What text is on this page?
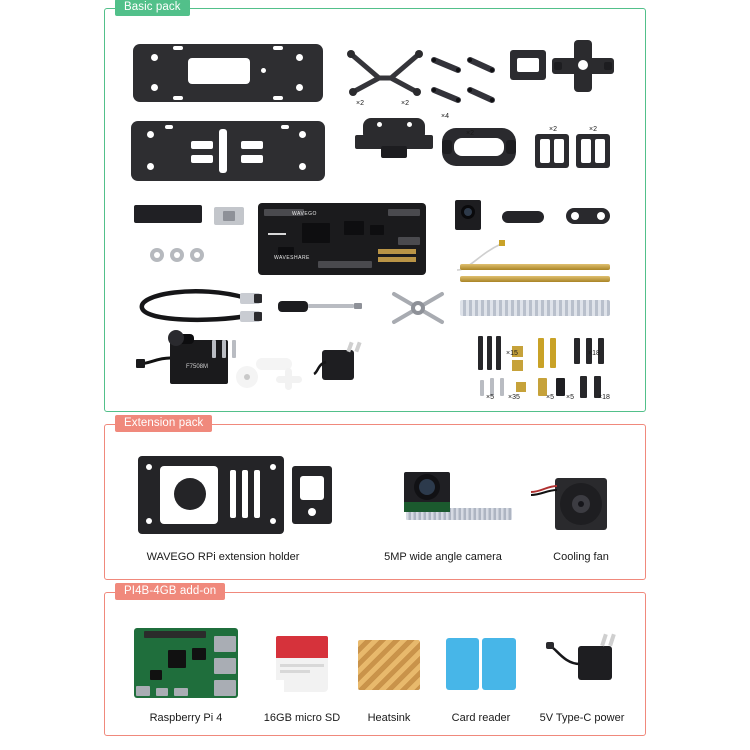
Basic pack
×2	×2
×4
×2
×2	×2
WAVEGO
WAVESHARE
F7508M
×15	×18
×5 ×35	×5 ×5	×18
Extension pack
WAVEGO RPi extension holder	5MP wide angle camera	Cooling fan
PI4B-4GB add-on
Raspberry Pi 4	16GB micro SD	Heatsink	Card reader	5V Type-C power
